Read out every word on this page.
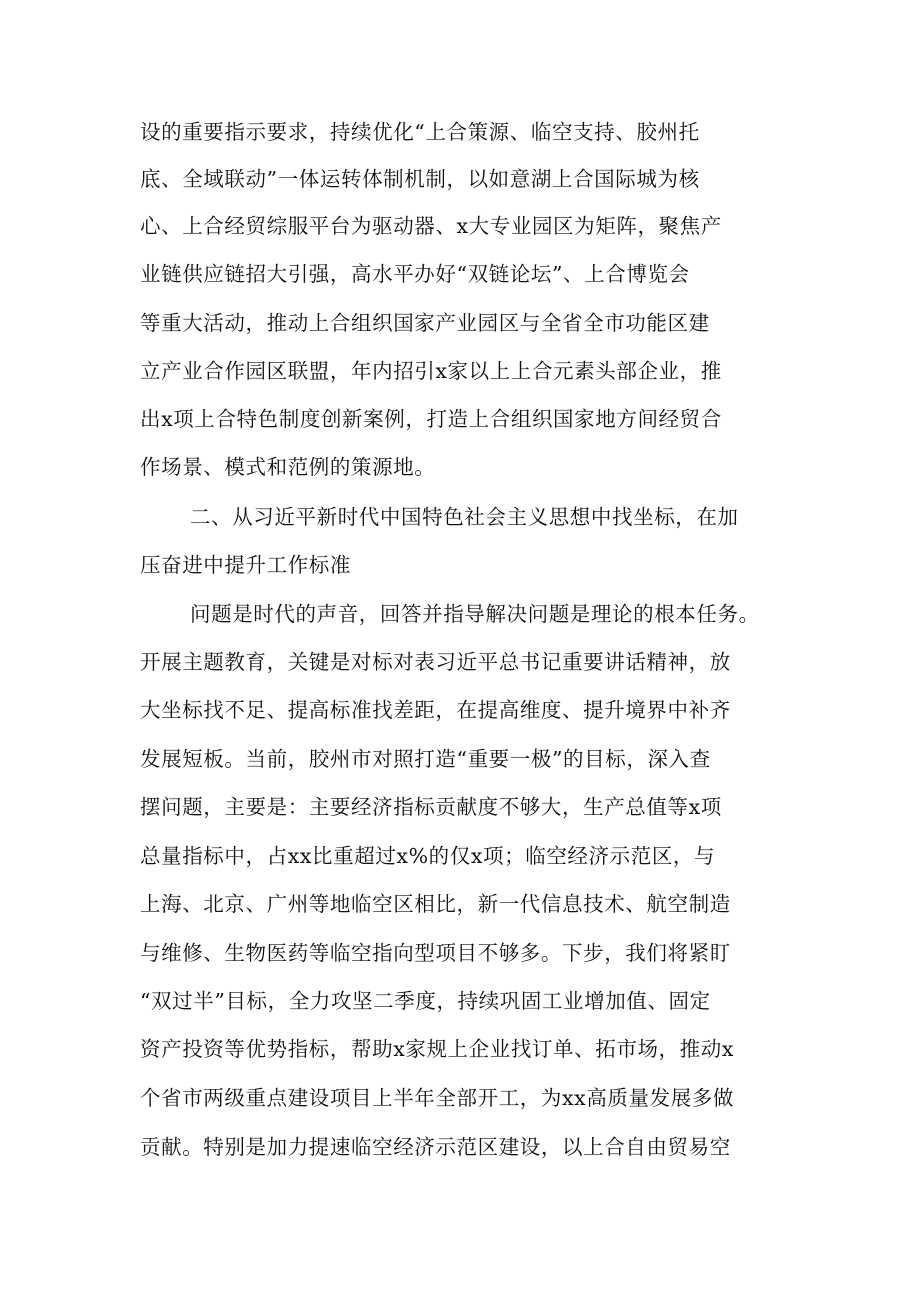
设的重要指示要求，持续优化“上合策源、临空支持、胶州托
底、全域联动”一体运转体制机制，以如意湖上合国际城为核
心、上合经贸综服平台为驱动器、x大专业园区为矩阵，聚焦产
业链供应链招大引强，高水平办好“双链论坛”、上合博览会
等重大活动，推动上合组织国家产业园区与全省全市功能区建
立产业合作园区联盟，年内招引x家以上上合元素头部企业，推
出x项上合特色制度创新案例，打造上合组织国家地方间经贸合
作场景、模式和范例的策源地。
二、从习近平新时代中国特色社会主义思想中找坐标，在加
压奋进中提升工作标准
问题是时代的声音，回答并指导解决问题是理论的根本任务。
开展主题教育，关键是对标对表习近平总书记重要讲话精神，放
大坐标找不足、提高标准找差距，在提高维度、提升境界中补齐
发展短板。当前，胶州市对照打造“重要一极”的目标，深入查
摆问题，主要是：主要经济指标贡献度不够大，生产总值等x项
总量指标中，占xx比重超过x%的仅x项；临空经济示范区，与
上海、北京、广州等地临空区相比，新一代信息技术、航空制造
与维修、生物医药等临空指向型项目不够多。下步，我们将紧盯
“双过半”目标，全力攻坚二季度，持续巩固工业增加值、固定
资产投资等优势指标，帮助x家规上企业找订单、拓市场，推动x
个省市两级重点建设项目上半年全部开工，为xx高质量发展多做
贡献。特别是加力提速临空经济示范区建设，以上合自由贸易空
